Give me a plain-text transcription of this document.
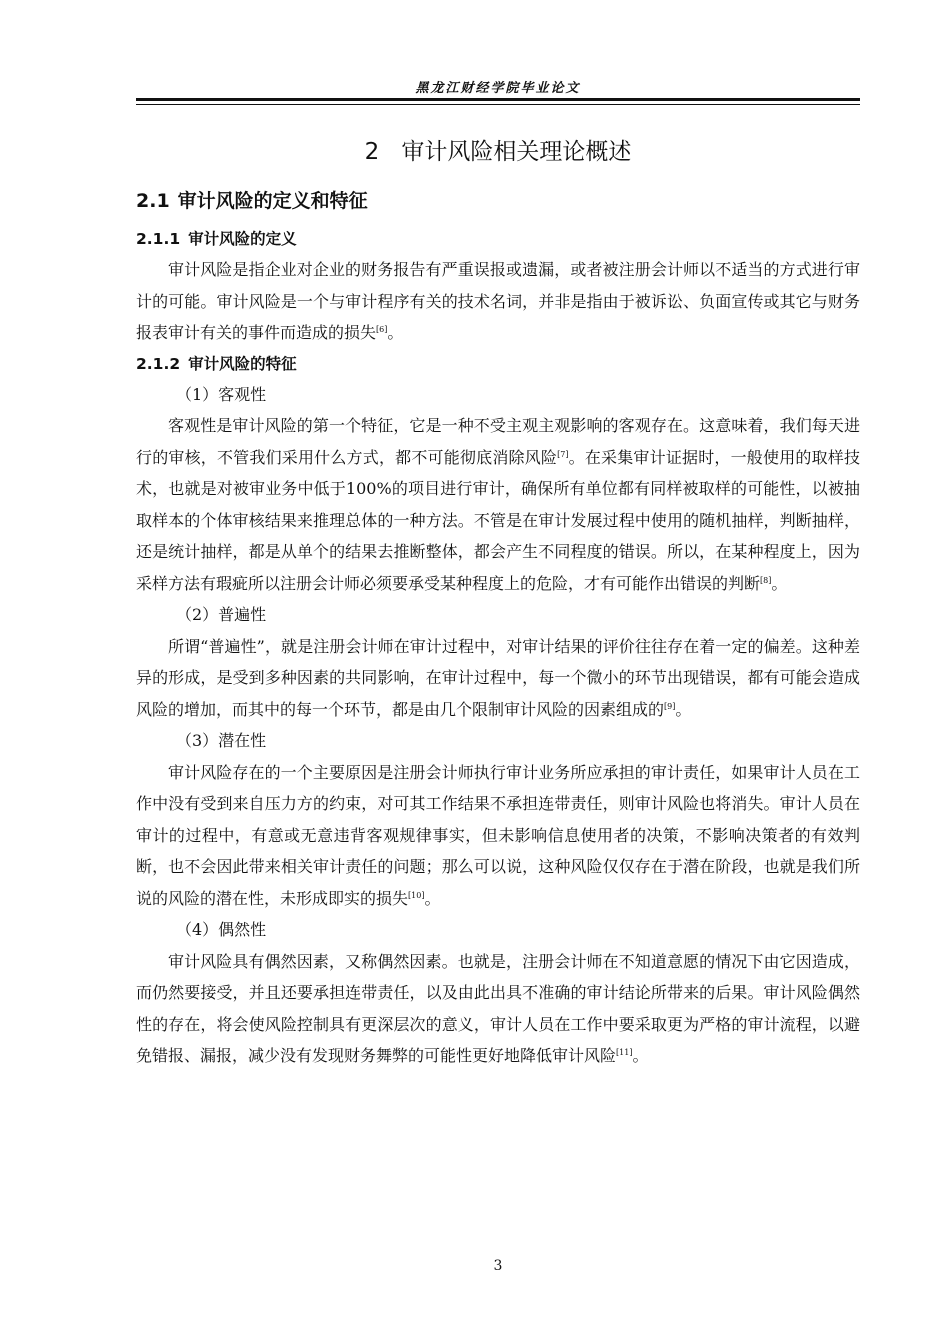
黑龙江财经学院毕业论文
2 审计风险相关理论概述
2.1 审计风险的定义和特征
2.1.1 审计风险的定义

审计风险是指企业对企业的财务报告有严重误报或遗漏，或者被注册会计师以不适当的方式进行审计的可能。审计风险是一个与审计程序有关的技术名词，并非是指由于被诉讼、负面宣传或其它与财务报表审计有关的事件而造成的损失[6]。

2.1.2 审计风险的特征

（1）客观性

客观性是审计风险的第一个特征，它是一种不受主观主观影响的客观存在。这意味着，我们每天进行的审核，不管我们采用什么方式，都不可能彻底消除风险[7]。在采集审计证据时，一般使用的取样技术，也就是对被审业务中低于100%的项目进行审计，确保所有单位都有同样被取样的可能性，以被抽取样本的个体审核结果来推理总体的一种方法。不管是在审计发展过程中使用的随机抽样，判断抽样，还是统计抽样，都是从单个的结果去推断整体，都会产生不同程度的错误。所以，在某种程度上，因为采样方法有瑕疵所以注册会计师必须要承受某种程度上的危险，才有可能作出错误的判断[8]。

（2）普遍性

所谓“普遍性”，就是注册会计师在审计过程中，对审计结果的评价往往存在着一定的偏差。这种差异的形成，是受到多种因素的共同影响，在审计过程中，每一个微小的环节出现错误，都有可能会造成风险的增加，而其中的每一个环节，都是由几个限制审计风险的因素组成的[9]。

（3）潜在性

审计风险存在的一个主要原因是注册会计师执行审计业务所应承担的审计责任，如果审计人员在工作中没有受到来自压力方的约束，对可其工作结果不承担连带责任，则审计风险也将消失。审计人员在审计的过程中，有意或无意违背客观规律事实，但未影响信息使用者的决策，不影响决策者的有效判断，也不会因此带来相关审计责任的问题；那么可以说，这种风险仅仅存在于潜在阶段，也就是我们所说的风险的潜在性，未形成即实的损失[10]。

（4）偶然性

审计风险具有偶然因素，又称偶然因素。也就是，注册会计师在不知道意愿的情况下由它因造成，而仍然要接受，并且还要承担连带责任，以及由此出具不准确的审计结论所带来的后果。审计风险偶然性的存在，将会使风险控制具有更深层次的意义，审计人员在工作中要采取更为严格的审计流程，以避免错报、漏报，减少没有发现财务舞弊的可能性更好地降低审计风险[11]。

3
